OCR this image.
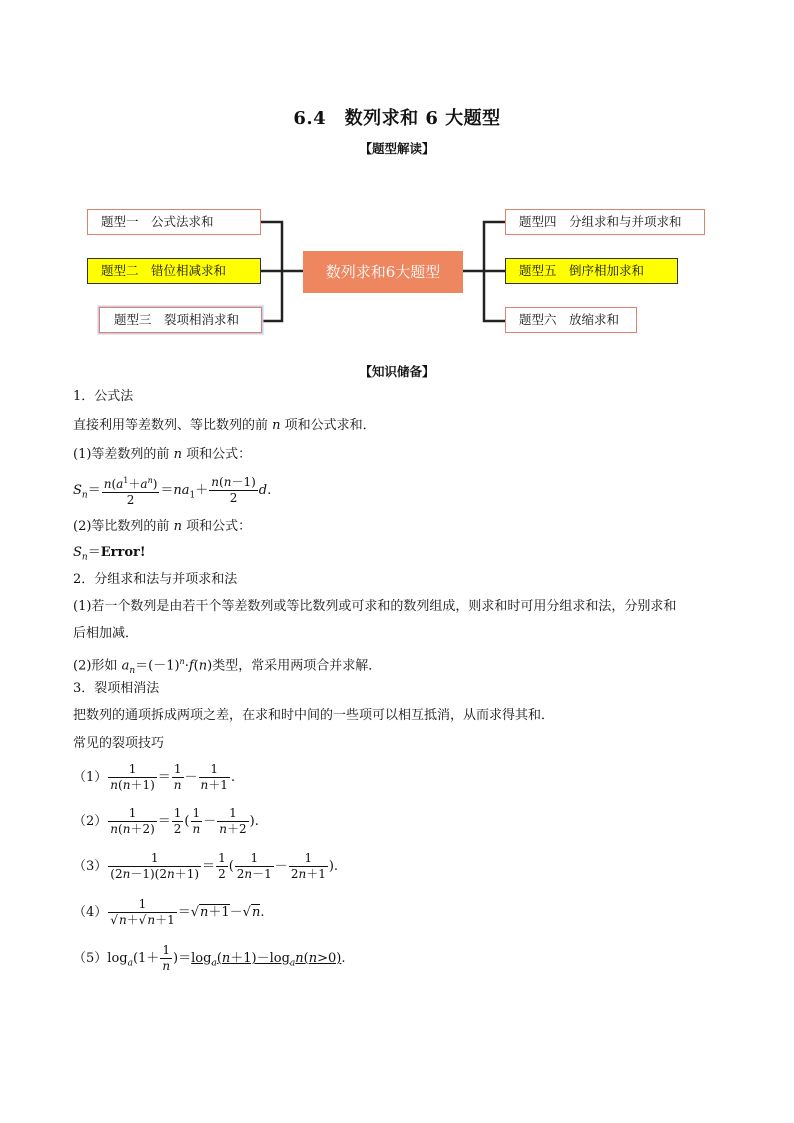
6.4　数列求和 6 大题型
【题型解读】
题型一　公式法求和
题型二　错位相减求和
题型三　裂项相消求和
数列求和6大题型
题型四　分组求和与并项求和
题型五　倒序相加求和
题型六　放缩求和
【知识储备】
1．公式法
直接利用等差数列、等比数列的前 n 项和公式求和．
(1)等差数列的前 n 项和公式：
$S_n= \frac{n(a^1+a^n)}{2} =na_1+ \frac{n(n-1)}{2} d$.
(2)等比数列的前 n 项和公式：
$S_n=Error$!
2．分组求和法与并项求和法
(1)若一个数列是由若干个等差数列或等比数列或可求和的数列组成，则求和时可用分组求和法，分别求和
后相加减．
(2)形如 $a_n=(-1)^n\cdot f(n)$类型，常采用两项合并求解．
3．裂项相消法
把数列的通项拆成两项之差，在求和时中间的一些项可以相互抵消，从而求得其和．
常见的裂项技巧
$(1) \frac{1}{n(n+1)} = \frac{1}{n} - \frac{1}{n+1}$ .
$(2) \frac{1}{n(n+2)} = \frac{1}{2}$ ( $\frac{1}{n} - \frac{1}{n+2}$ ).
$(3) \frac{1}{(2n-1)(2n+1)} = \frac{1}{2}$ ( $\frac{1}{2n-1} - \frac{1}{2n+1}$ ).
$(4) \frac{1}{√n+√n+1} =√n+1-√n$.
$(5)\log_a(1+ \frac{1}{n} )=\log_a(n+1)-\log_an(n>0)$.
